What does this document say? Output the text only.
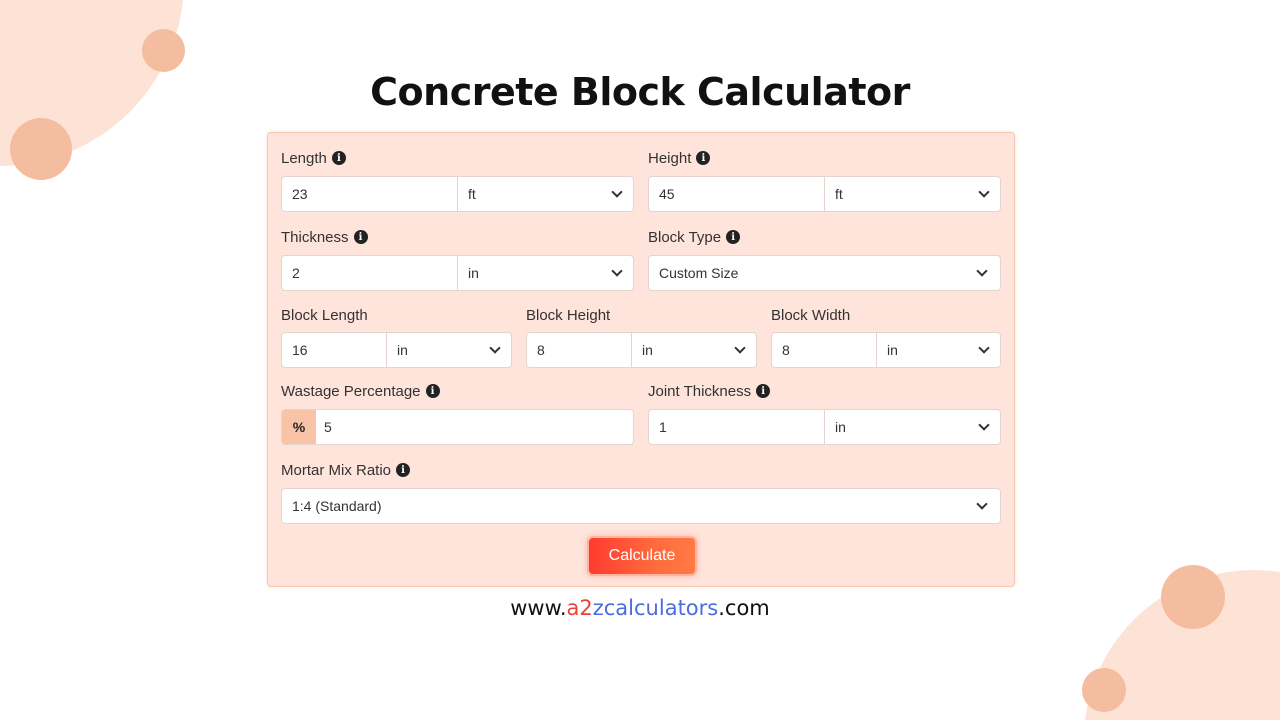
Concrete Block Calculator
Length	i
23	ft
Height	i
45	ft
Thickness	i
2	in
Block Type	i
Custom Size
Block Length
16	in
Block Height
8	in
Block Width
8	in
Wastage Percentage	i
%	5
Joint Thickness	i
1	in
Mortar Mix Ratio	i
1:4 (Standard)
Calculate
www.a2zcalculators.com
